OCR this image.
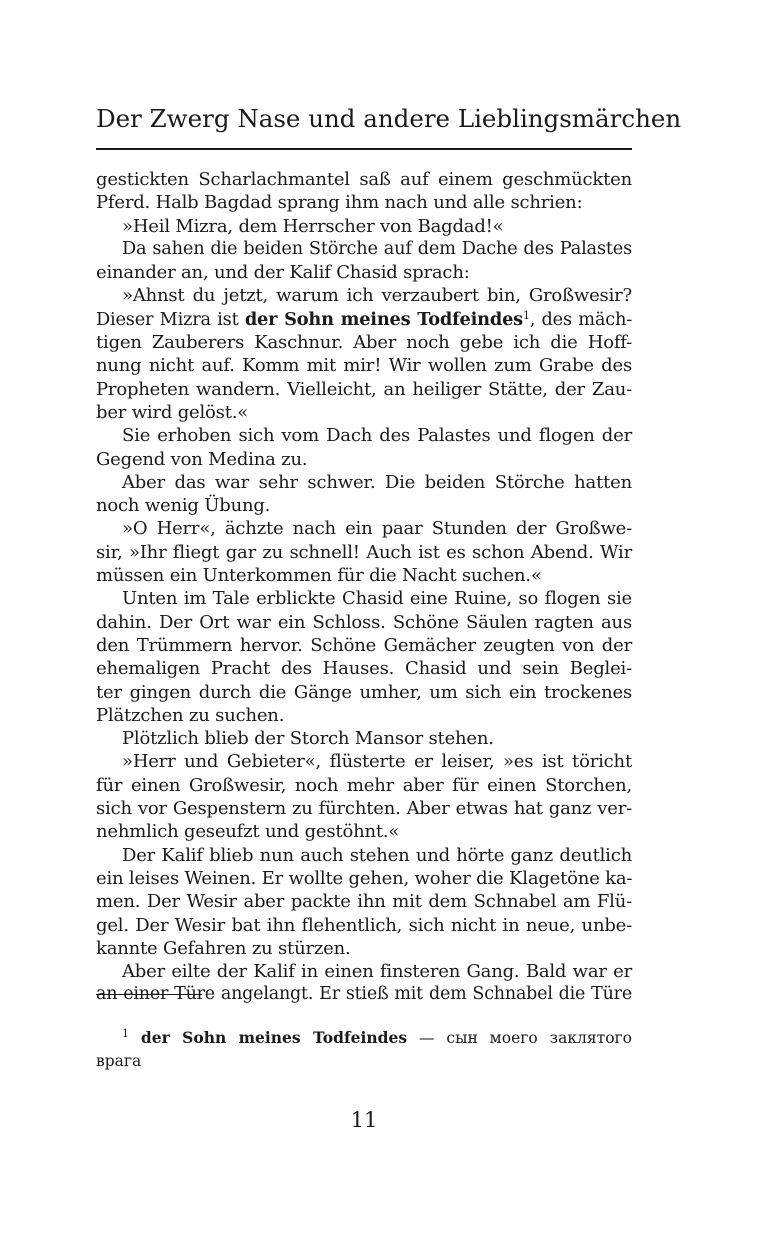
Der Zwerg Nase und andere Lieblingsmärchen
gestickten Scharlachmantel saß auf einem geschmückten
Pferd. Halb Bagdad sprang ihm nach und alle schrien:
»Heil Mizra, dem Herrscher von Bagdad!«
Da sahen die beiden Störche auf dem Dache des Palastes
einander an, und der Kalif Chasid sprach:
»Ahnst du jetzt, warum ich verzaubert bin, Großwesir?
Dieser Mizra ist der Sohn meines Todfeindes$^1$, des mäch-
tigen Zauberers Kaschnur. Aber noch gebe ich die Hoff-
nung nicht auf. Komm mit mir! Wir wollen zum Grabe des
Propheten wandern. Vielleicht, an heiliger Stätte, der Zau-
ber wird gelöst.«
Sie erhoben sich vom Dach des Palastes und flogen der
Gegend von Medina zu.
Aber das war sehr schwer. Die beiden Störche hatten
noch wenig Übung.
»O Herr«, ächzte nach ein paar Stunden der Großwe-
sir, »Ihr fliegt gar zu schnell! Auch ist es schon Abend. Wir
müssen ein Unterkommen für die Nacht suchen.«
Unten im Tale erblickte Chasid eine Ruine, so flogen sie
dahin. Der Ort war ein Schloss. Schöne Säulen ragten aus
den Trümmern hervor. Schöne Gemächer zeugten von der
ehemaligen Pracht des Hauses. Chasid und sein Beglei-
ter gingen durch die Gänge umher, um sich ein trockenes
Plätzchen zu suchen.
Plötzlich blieb der Storch Mansor stehen.
»Herr und Gebieter«, flüsterte er leiser, »es ist töricht
für einen Großwesir, noch mehr aber für einen Storchen,
sich vor Gespenstern zu fürchten. Aber etwas hat ganz ver-
nehmlich geseufzt und gestöhnt.«
Der Kalif blieb nun auch stehen und hörte ganz deutlich
ein leises Weinen. Er wollte gehen, woher die Klagetöne ka-
men. Der Wesir aber packte ihn mit dem Schnabel am Flü-
gel. Der Wesir bat ihn flehentlich, sich nicht in neue, unbe-
kannte Gefahren zu stürzen.
Aber eilte der Kalif in einen finsteren Gang. Bald war er
an einer Türe angelangt. Er stieß mit dem Schnabel die Türe
$^1$ der Sohn meines Todfeindes — сын моего заклятого
врага
11
